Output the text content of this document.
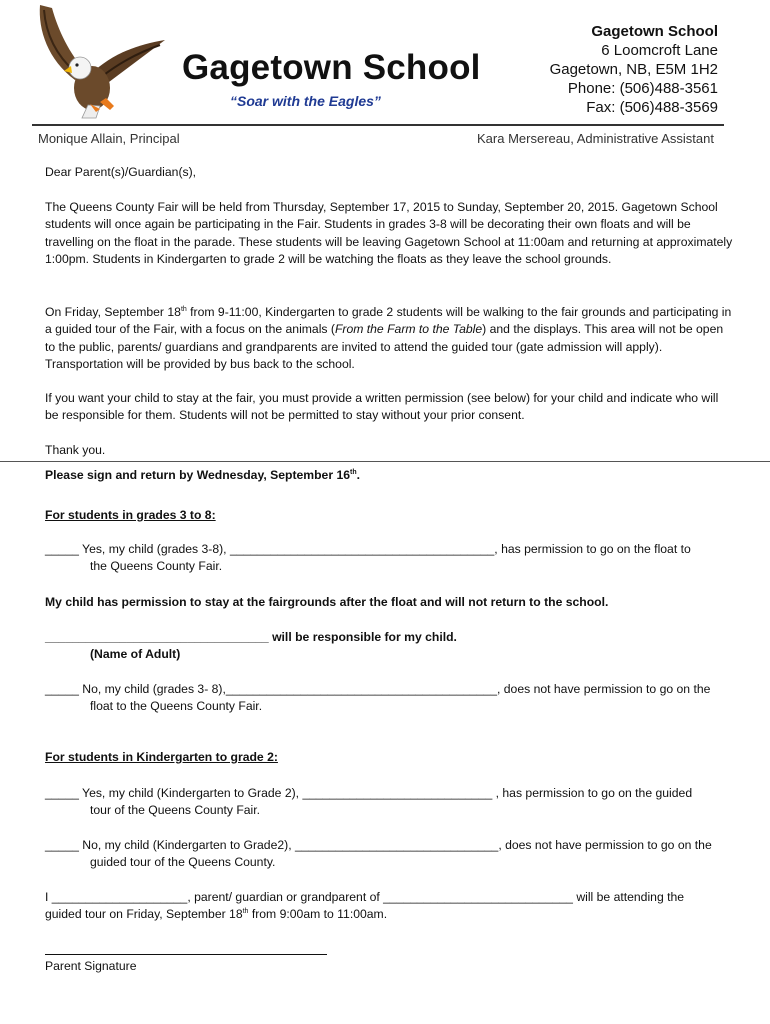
Gagetown School
“Soar with the Eagles”
Gagetown School
6 Loomcroft Lane
Gagetown, NB, E5M 1H2
Phone: (506)488-3561
Fax: (506)488-3569
Monique Allain, Principal	Kara Mersereau, Administrative Assistant
Dear Parent(s)/Guardian(s),

The Queens County Fair will be held from Thursday, September 17, 2015 to Sunday, September 20, 2015. Gagetown School students will once again be participating in the Fair. Students in grades 3-8 will be decorating their own floats and will be travelling on the float in the parade. These students will be leaving Gagetown School at 11:00am and returning at approximately 1:00pm. Students in Kindergarten to grade 2 will be watching the floats as they leave the school grounds.

On Friday, September 18th from 9-11:00, Kindergarten to grade 2 students will be walking to the fair grounds and participating in a guided tour of the Fair, with a focus on the animals (From the Farm to the Table) and the displays. This area will not be open to the public, parents/ guardians and grandparents are invited to attend the guided tour (gate admission will apply). Transportation will be provided by bus back to the school.

If you want your child to stay at the fair, you must provide a written permission (see below) for your child and indicate who will be responsible for them. Students will not be permitted to stay without your prior consent.

Thank you.
Please sign and return by Wednesday, September 16th.
For students in grades 3 to 8:
_____ Yes, my child (grades 3-8), _______________________________________, has permission to go on the float to
the Queens County Fair.
My child has permission to stay at the fairgrounds after the float and will not return to the school.
_________________________________ will be responsible for my child.
(Name of Adult)
_____ No, my child (grades 3- 8),________________________________________, does not have permission to go on the
float to the Queens County Fair.
For students in Kindergarten to grade 2:
_____ Yes, my child (Kindergarten to Grade 2), ____________________________ , has permission to go on the guided
tour of the Queens County Fair.
_____ No, my child (Kindergarten to Grade2), ______________________________, does not have permission to go on the
guided tour of the Queens County.
I ____________________, parent/ guardian or grandparent of ____________________________ will be attending the
guided tour on Friday, September 18th from 9:00am to 11:00am.
Parent Signature
